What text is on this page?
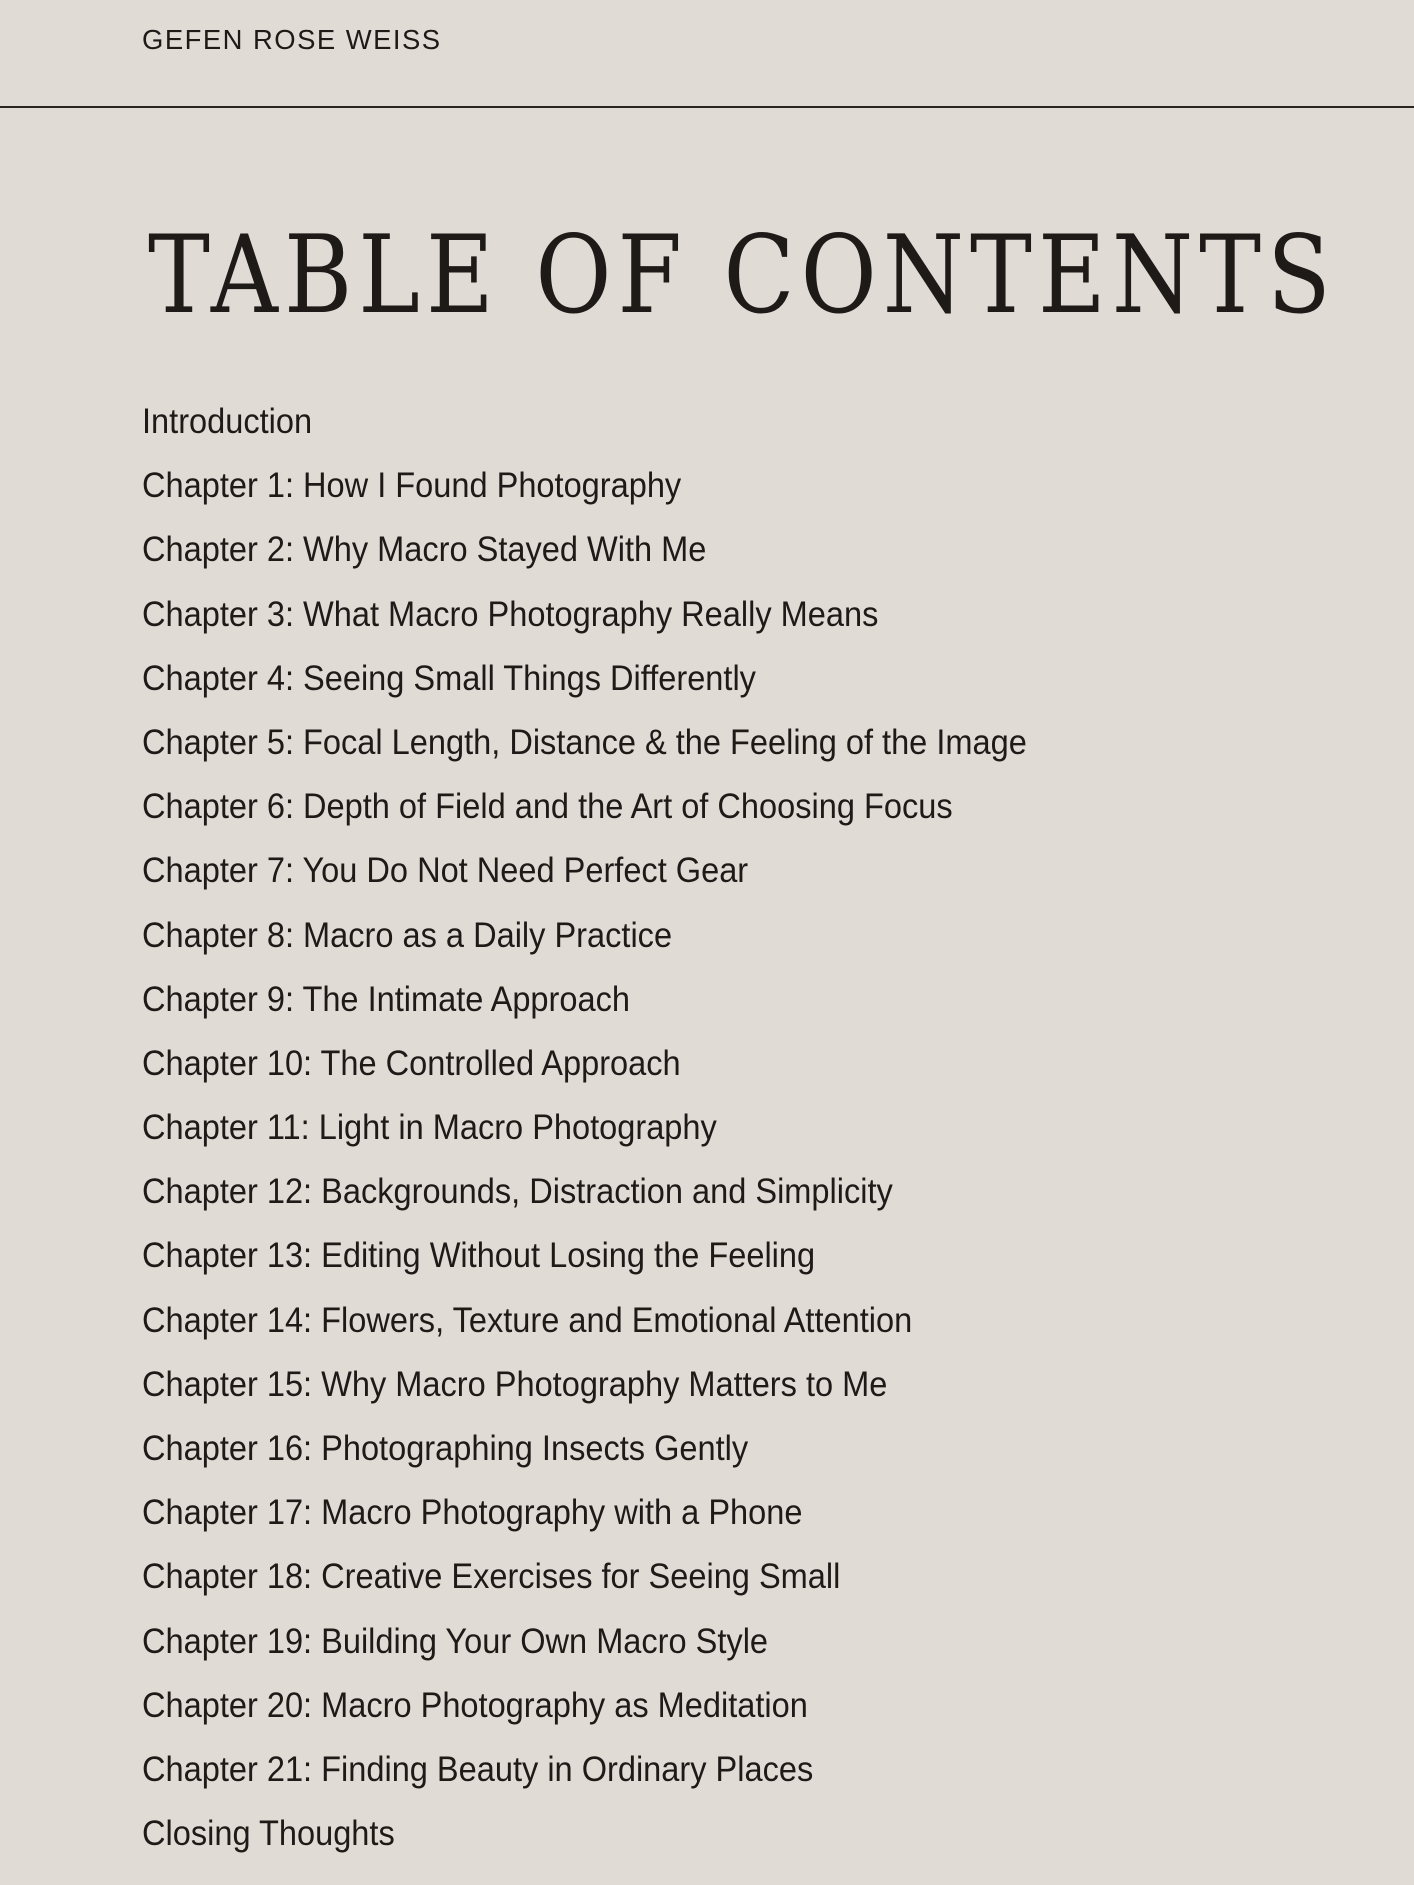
GEFEN ROSE WEISS
TABLE OF CONTENTS
Introduction
Chapter 1: How I Found Photography
Chapter 2: Why Macro Stayed With Me
Chapter 3: What Macro Photography Really Means
Chapter 4: Seeing Small Things Differently
Chapter 5: Focal Length, Distance & the Feeling of the Image
Chapter 6: Depth of Field and the Art of Choosing Focus
Chapter 7: You Do Not Need Perfect Gear
Chapter 8: Macro as a Daily Practice
Chapter 9: The Intimate Approach
Chapter 10: The Controlled Approach
Chapter 11: Light in Macro Photography
Chapter 12: Backgrounds, Distraction and Simplicity
Chapter 13: Editing Without Losing the Feeling
Chapter 14: Flowers, Texture and Emotional Attention
Chapter 15: Why Macro Photography Matters to Me
Chapter 16: Photographing Insects Gently
Chapter 17: Macro Photography with a Phone
Chapter 18: Creative Exercises for Seeing Small
Chapter 19: Building Your Own Macro Style
Chapter 20: Macro Photography as Meditation
Chapter 21: Finding Beauty in Ordinary Places
Closing Thoughts
